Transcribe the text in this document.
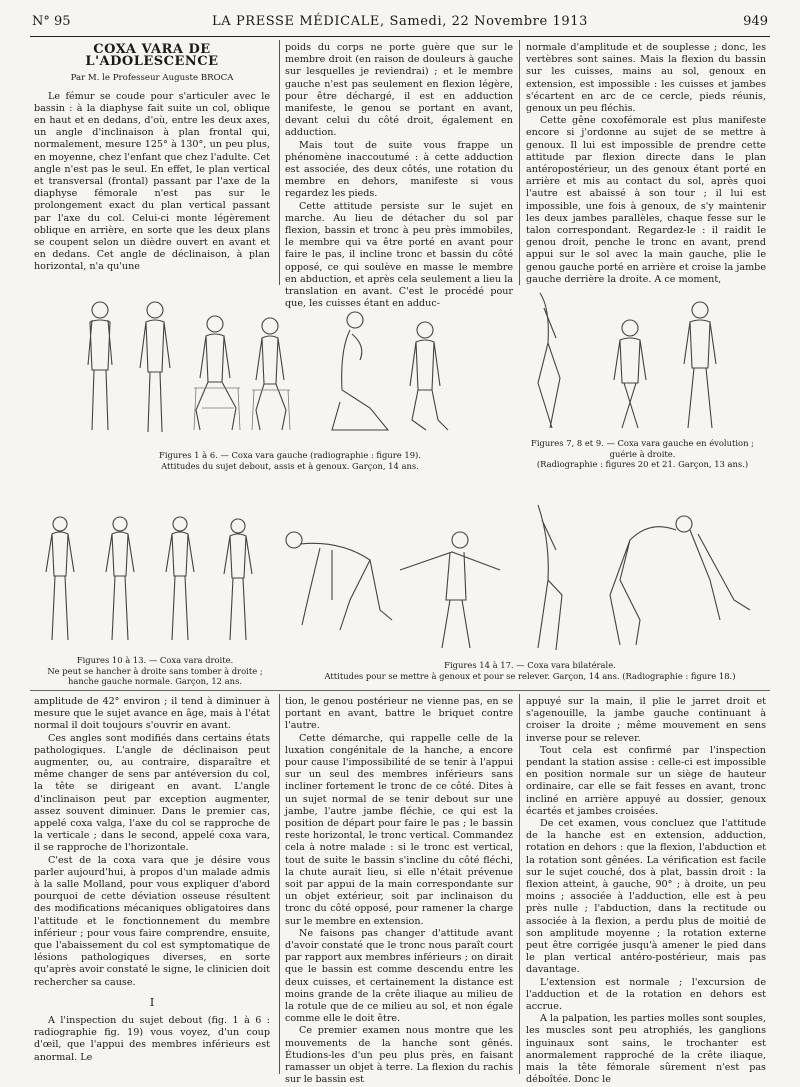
N° 95	LA PRESSE MÉDICALE, Samedi, 22 Novembre 1913	949
COXA VARA DE L'ADOLESCENCE
Par M. le Professeur Auguste BROCA

Le fémur se coude pour s'articuler avec le bassin : à la diaphyse fait suite un col, oblique en haut et en dedans, d'où, entre les deux axes, un angle d'inclinaison à plan frontal qui, normalement, mesure 125° à 130°, un peu plus, en moyenne, chez l'enfant que chez l'adulte. Cet angle n'est pas le seul. En effet, le plan vertical et transversal (frontal) passant par l'axe de la diaphyse fémorale n'est pas sur le prolongement exact du plan vertical passant par l'axe du col. Celui-ci monte légèrement oblique en arrière, en sorte que les deux plans se coupent selon un dièdre ouvert en avant et en dedans. Cet angle de déclinaison, à plan horizontal, n'a qu'une

poids du corps ne porte guère que sur le membre droit (en raison de douleurs à gauche sur lesquelles je reviendrai) ; et le membre gauche n'est pas seulement en flexion légère, pour être déchargé, il est en adduction manifeste, le genou se portant en avant, devant celui du côté droit, également en adduction.

Mais tout de suite vous frappe un phénomène inaccoutumé : à cette adduction est associée, des deux côtés, une rotation du membre en dehors, manifeste si vous regardez les pieds.

Cette attitude persiste sur le sujet en marche. Au lieu de détacher du sol par flexion, bassin et tronc à peu près immobiles, le membre qui va être porté en avant pour faire le pas, il incline tronc et bassin du côté opposé, ce qui soulève en masse le membre en abduction, et après cela seulement a lieu la translation en avant. C'est le procédé pour que, les cuisses étant en adduc-

normale d'amplitude et de souplesse ; donc, les vertèbres sont saines. Mais la flexion du bassin sur les cuisses, mains au sol, genoux en extension, est impossible : les cuisses et jambes s'écartent en arc de ce cercle, pieds réunis, genoux un peu fléchis.

Cette gêne coxofémorale est plus manifeste encore si j'ordonne au sujet de se mettre à genoux. Il lui est impossible de prendre cette attitude par flexion directe dans le plan antéropostérieur, un des genoux étant porté en arrière et mis au contact du sol, après quoi l'autre est abaissé à son tour ; il lui est impossible, une fois à genoux, de s'y maintenir les deux jambes parallèles, chaque fesse sur le talon correspondant. Regardez-le : il raidit le genou droit, penche le tronc en avant, prend appui sur le sol avec la main gauche, plie le genou gauche porté en arrière et croise la jambe gauche derrière la droite. A ce moment,

Figures 1 à 6. — Coxa vara gauche (radiographie : figure 19).
Attitudes du sujet debout, assis et à genoux. Garçon, 14 ans.
Figures 7, 8 et 9. — Coxa vara gauche en évolution ;
guérie à droite.
(Radiographie : figures 20 et 21. Garçon, 13 ans.)
Figures 10 à 13. — Coxa vara droite.
Ne peut se hancher à droite sans tomber à droite ;
hanche gauche normale. Garçon, 12 ans.
Figures 14 à 17. — Coxa vara bilatérale.
Attitudes pour se mettre à genoux et pour se relever. Garçon, 14 ans. (Radiographie : figure 18.)

amplitude de 42° environ ; il tend à diminuer à mesure que le sujet avance en âge, mais à l'état normal il doit toujours s'ouvrir en avant.

Ces angles sont modifiés dans certains états pathologiques. L'angle de déclinaison peut augmenter, ou, au contraire, disparaître et même changer de sens par antéversion du col, la tête se dirigeant en avant. L'angle d'inclinaison peut par exception augmenter, assez souvent diminuer. Dans le premier cas, appelé coxa valga, l'axe du col se rapproche de la verticale ; dans le second, appelé coxa vara, il se rapproche de l'horizontale.

C'est de la coxa vara que je désire vous parler aujourd'hui, à propos d'un malade admis à la salle Molland, pour vous expliquer d'abord pourquoi de cette déviation osseuse résultent des modifications mécaniques obligatoires dans l'attitude et le fonctionnement du membre inférieur ; pour vous faire comprendre, ensuite, que l'abaissement du col est symptomatique de lésions pathologiques diverses, en sorte qu'après avoir constaté le signe, le clinicien doit rechercher sa cause.

I

A l'inspection du sujet debout (fig. 1 à 6 : radiographie fig. 19) vous voyez, d'un coup d'œil, que l'appui des membres inférieurs est anormal. Le

tion, le genou postérieur ne vienne pas, en se portant en avant, battre le briquet contre l'autre.

Cette démarche, qui rappelle celle de la luxation congénitale de la hanche, a encore pour cause l'impossibilité de se tenir à l'appui sur un seul des membres inférieurs sans incliner fortement le tronc de ce côté. Dites à un sujet normal de se tenir debout sur une jambe, l'autre jambe fléchie, ce qui est la position de départ pour faire le pas ; le bassin reste horizontal, le tronc vertical. Commandez cela à notre malade : si le tronc est vertical, tout de suite le bassin s'incline du côté fléchi, la chute aurait lieu, si elle n'était prévenue soit par appui de la main correspondante sur un objet extérieur, soit par inclinaison du tronc du côté opposé, pour ramener la charge sur le membre en extension.

Ne faisons pas changer d'attitude avant d'avoir constaté que le tronc nous paraît court par rapport aux membres inférieurs ; on dirait que le bassin est comme descendu entre les deux cuisses, et certainement la distance est moins grande de la crête iliaque au milieu de la rotule que de ce milieu au sol, et non égale comme elle le doit être.

Ce premier examen nous montre que les mouvements de la hanche sont gênés. Étudions-les d'un peu plus près, en faisant ramasser un objet à terre. La flexion du rachis sur le bassin est

appuyé sur la main, il plie le jarret droit et s'agenouille, la jambe gauche continuant à croiser la droite ; même mouvement en sens inverse pour se relever.

Tout cela est confirmé par l'inspection pendant la station assise : celle-ci est impossible en position normale sur un siège de hauteur ordinaire, car elle se fait fesses en avant, tronc incliné en arrière appuyé au dossier, genoux écartés et jambes croisées.

De cet examen, vous concluez que l'attitude de la hanche est en extension, adduction, rotation en dehors : que la flexion, l'abduction et la rotation sont gênées. La vérification est facile sur le sujet couché, dos à plat, bassin droit : la flexion atteint, à gauche, 90° ; à droite, un peu moins ; associée à l'adduction, elle est à peu près nulle ; l'abduction, dans la rectitude ou associée à la flexion, a perdu plus de moitié de son amplitude moyenne ; la rotation externe peut être corrigée jusqu'à amener le pied dans le plan vertical antéro-postérieur, mais pas davantage.

L'extension est normale ; l'excursion de l'adduction et de la rotation en dehors est accrue.

A la palpation, les parties molles sont souples, les muscles sont peu atrophiés, les ganglions inguinaux sont sains, le trochanter est anormalement rapproché de la crête iliaque, mais la tête fémorale sûrement n'est pas déboîtée. Donc le
